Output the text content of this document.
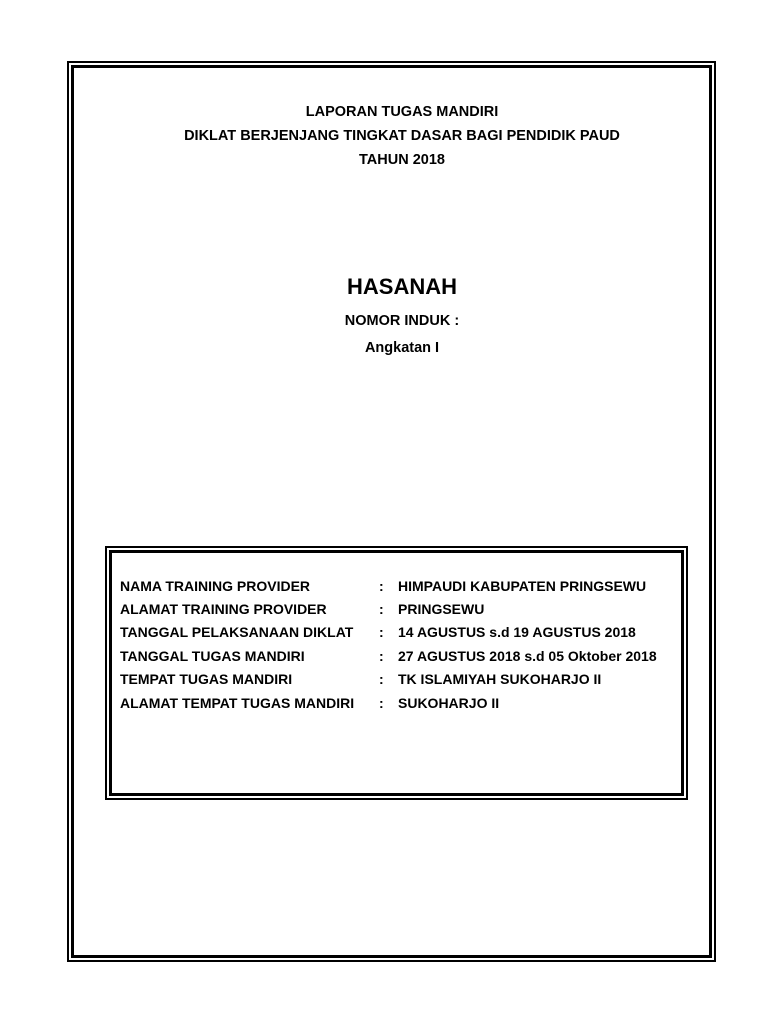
LAPORAN TUGAS MANDIRI
DIKLAT BERJENJANG TINGKAT DASAR BAGI PENDIDIK PAUD
TAHUN 2018
HASANAH
NOMOR INDUK :
Angkatan I
NAMA TRAINING PROVIDER	:	HIMPAUDI KABUPATEN PRINGSEWU
ALAMAT TRAINING PROVIDER	:	PRINGSEWU
TANGGAL PELAKSANAAN DIKLAT	:	14 AGUSTUS s.d 19 AGUSTUS 2018
TANGGAL TUGAS MANDIRI	:	27 AGUSTUS 2018 s.d 05 Oktober 2018
TEMPAT TUGAS MANDIRI	:	TK ISLAMIYAH SUKOHARJO II
ALAMAT TEMPAT TUGAS MANDIRI	:	SUKOHARJO II
